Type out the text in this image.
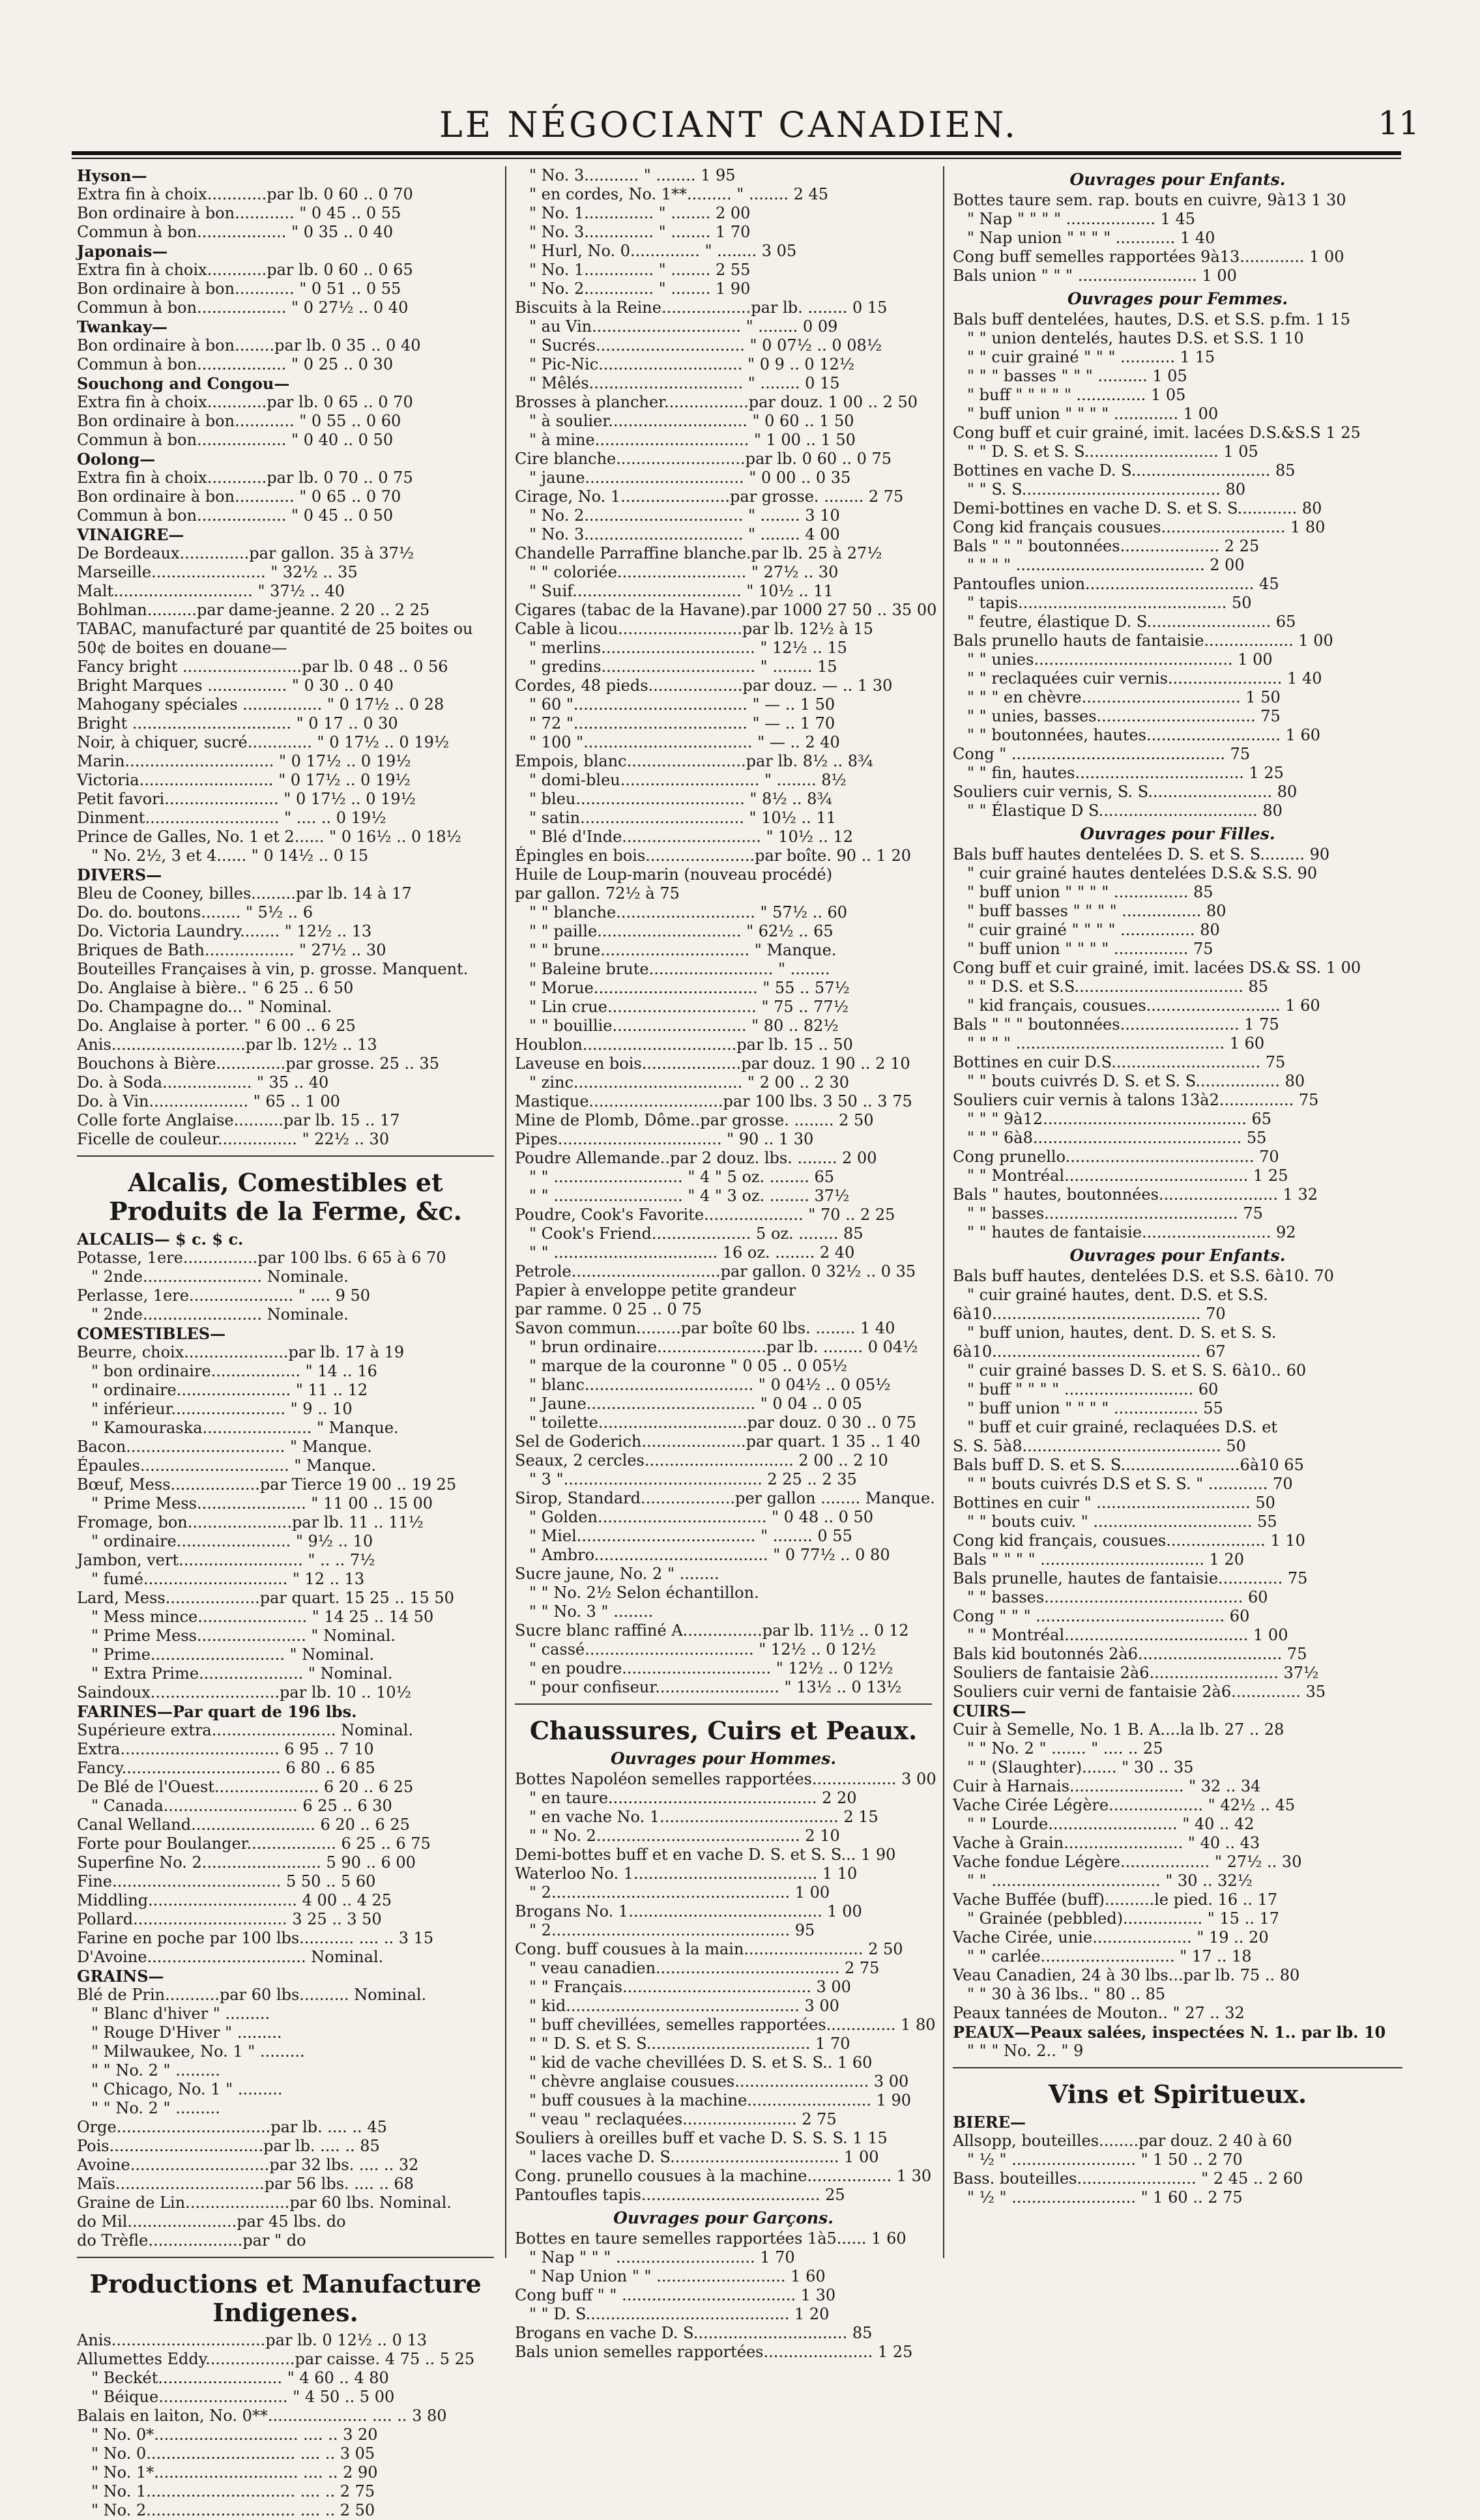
LE NÉGOCIANT CANADIEN.	11
Hyson—
Extra fin à choix............par lb. 0 60 .. 0 70
Bon ordinaire à bon............ " 0 45 .. 0 55
Commun à bon.................. " 0 35 .. 0 40
Japonais—
Extra fin à choix............par lb. 0 60 .. 0 65
Bon ordinaire à bon............ " 0 51 .. 0 55
Commun à bon.................. " 0 27½ .. 0 40
Twankay—
Bon ordinaire à bon........par lb. 0 35 .. 0 40
Commun à bon.................. " 0 25 .. 0 30
Souchong and Congou—
Extra fin à choix............par lb. 0 65 .. 0 70
Bon ordinaire à bon............ " 0 55 .. 0 60
Commun à bon.................. " 0 40 .. 0 50
Oolong—
Extra fin à choix............par lb. 0 70 .. 0 75
Bon ordinaire à bon............ " 0 65 .. 0 70
Commun à bon.................. " 0 45 .. 0 50
VINAIGRE—
De Bordeaux..............par gallon. 35 à 37½
Marseille....................... " 32½ .. 35
Malt............................ " 37½ .. 40
Bohlman..........par dame-jeanne. 2 20 .. 2 25
TABAC, manufacturé par quantité de 25 boites ou
50¢ de boites en douane—
Fancy bright ........................par lb. 0 48 .. 0 56
Bright Marques ................ " 0 30 .. 0 40
Mahogany spéciales ................ " 0 17½ .. 0 28
Bright ................................ " 0 17 .. 0 30
Noir, à chiquer, sucré............. " 0 17½ .. 0 19½
Marin.............................. " 0 17½ .. 0 19½
Victoria........................... " 0 17½ .. 0 19½
Petit favori....................... " 0 17½ .. 0 19½
Dinment........................... " .... .. 0 19½
Prince de Galles, No. 1 et 2...... " 0 16½ .. 0 18½
" No. 2½, 3 et 4...... " 0 14½ .. 0 15
DIVERS—
Bleu de Cooney, billes.........par lb. 14 à 17
Do. do. boutons........ " 5½ .. 6
Do. Victoria Laundry........ " 12½ .. 13
Briques de Bath.................. " 27½ .. 30
Bouteilles Françaises à vin, p. grosse. Manquent.
Do. Anglaise à bière.. " 6 25 .. 6 50
Do. Champagne do... " Nominal.
Do. Anglaise à porter. " 6 00 .. 6 25
Anis...........................par lb. 12½ .. 13
Bouchons à Bière..............par grosse. 25 .. 35
Do. à Soda.................. " 35 .. 40
Do. à Vin.................... " 65 .. 1 00
Colle forte Anglaise..........par lb. 15 .. 17
Ficelle de couleur................ " 22½ .. 30
Alcalis, Comestibles et Produits de la Ferme, &c.
ALCALIS— $ c. $ c.
Potasse, 1ere...............par 100 lbs. 6 65 à 6 70
" 2nde........................ Nominale.
Perlasse, 1ere..................... " .... 9 50
" 2nde........................ Nominale.
COMESTIBLES—
Beurre, choix.....................par lb. 17 à 19
" bon ordinaire.................. " 14 .. 16
" ordinaire....................... " 11 .. 12
" inférieur....................... " 9 .. 10
" Kamouraska...................... " Manque.
Bacon................................ " Manque.
Épaules.............................. " Manque.
Bœuf, Mess..................par Tierce 19 00 .. 19 25
" Prime Mess...................... " 11 00 .. 15 00
Fromage, bon.....................par lb. 11 .. 11½
" ordinaire....................... " 9½ .. 10
Jambon, vert......................... " .. .. 7½
" fumé............................. " 12 .. 13
Lard, Mess...................par quart. 15 25 .. 15 50
" Mess mince...................... " 14 25 .. 14 50
" Prime Mess...................... " Nominal.
" Prime........................... " Nominal.
" Extra Prime..................... " Nominal.
Saindoux..........................par lb. 10 .. 10½
FARINES—Par quart de 196 lbs.
Supérieure extra......................... Nominal.
Extra................................ 6 95 .. 7 10
Fancy................................ 6 80 .. 6 85
De Blé de l'Ouest..................... 6 20 .. 6 25
" Canada........................... 6 25 .. 6 30
Canal Welland......................... 6 20 .. 6 25
Forte pour Boulanger.................. 6 25 .. 6 75
Superfine No. 2........................ 5 90 .. 6 00
Fine.................................. 5 50 .. 5 60
Middling.............................. 4 00 .. 4 25
Pollard............................... 3 25 .. 3 50
Farine en poche par 100 lbs........... .... .. 3 15
D'Avoine................................ Nominal.
GRAINS—
Blé de Prin...........par 60 lbs.......... Nominal.
" Blanc d'hiver " .........
" Rouge D'Hiver " .........
" Milwaukee, No. 1 " .........
" " No. 2 " .........
" Chicago, No. 1 " .........
" " No. 2 " .........
Orge...............................par lb. .... .. 45
Pois...............................par lb. .... .. 85
Avoine............................par 32 lbs. .... .. 32
Maïs..............................par 56 lbs. .... .. 68
Graine de Lin.....................par 60 lbs. Nominal.
do Mil......................par 45 lbs. do
do Trèfle...................par " do
Productions et Manufacture Indigenes.
Anis...............................par lb. 0 12½ .. 0 13
Allumettes Eddy..................par caisse. 4 75 .. 5 25
" Beckét......................... " 4 60 .. 4 80
" Béique.......................... " 4 50 .. 5 00
Balais en laiton, No. 0**.................... .... .. 3 80
" No. 0*............................. .... .. 3 20
" No. 0.............................. .... .. 3 05
" No. 1*............................. .... .. 2 90
" No. 1.............................. .... .. 2 75
" No. 2.............................. .... .. 2 50
" No. 3........... " ........ 1 95
" en cordes, No. 1**......... " ........ 2 45
" No. 1.............. " ........ 2 00
" No. 3.............. " ........ 1 70
" Hurl, No. 0.............. " ........ 3 05
" No. 1.............. " ........ 2 55
" No. 2.............. " ........ 1 90
Biscuits à la Reine..................par lb. ........ 0 15
" au Vin.............................. " ........ 0 09
" Sucrés.............................. " 0 07½ .. 0 08½
" Pic-Nic............................. " 0 9 .. 0 12½
" Mêlés............................... " ........ 0 15
Brosses à plancher.................par douz. 1 00 .. 2 50
" à soulier............................ " 0 60 .. 1 50
" à mine............................... " 1 00 .. 1 50
Cire blanche..........................par lb. 0 60 .. 0 75
" jaune................................ " 0 00 .. 0 35
Cirage, No. 1......................par grosse. ........ 2 75
" No. 2................................ " ........ 3 10
" No. 3................................ " ........ 4 00
Chandelle Parraffine blanche.par lb. 25 à 27½
" " coloriée.......................... " 27½ .. 30
" Suif.................................. " 10½ .. 11
Cigares (tabac de la Havane).par 1000 27 50 .. 35 00
Cable à licou.........................par lb. 12½ à 15
" merlins............................... " 12½ .. 15
" gredins............................... " ........ 15
Cordes, 48 pieds...................par douz. — .. 1 30
" 60 "................................... " — .. 1 50
" 72 "................................... " — .. 1 70
" 100 ".................................. " — .. 2 40
Empois, blanc........................par lb. 8½ .. 8¾
" domi-bleu............................ " ........ 8½
" bleu.................................. " 8½ .. 8¾
" satin................................. " 10½ .. 11
" Blé d'Inde............................ " 10½ .. 12
Épingles en bois......................par boîte. 90 .. 1 20
Huile de Loup-marin (nouveau procédé)
par gallon. 72½ à 75
" " blanche............................ " 57½ .. 60
" " paille............................. " 62½ .. 65
" " brune.............................. " Manque.
" Baleine brute......................... " ........
" Morue................................. " 55 .. 57½
" Lin crue.............................. " 75 .. 77½
" " bouillie........................... " 80 .. 82½
Houblon...............................par lb. 15 .. 50
Laveuse en bois....................par douz. 1 90 .. 2 10
" zinc.................................. " 2 00 .. 2 30
Mastique...........................par 100 lbs. 3 50 .. 3 75
Mine de Plomb, Dôme..par grosse. ........ 2 50
Pipes................................. " 90 .. 1 30
Poudre Allemande..par 2 douz. lbs. ........ 2 00
" " .......................... " 4 " 5 oz. ........ 65
" " .......................... " 4 " 3 oz. ........ 37½
Poudre, Cook's Favorite.................... " 70 .. 2 25
" Cook's Friend.................... 5 oz. ........ 85
" " ................................. 16 oz. ........ 2 40
Petrole..............................par gallon. 0 32½ .. 0 35
Papier à enveloppe petite grandeur
par ramme. 0 25 .. 0 75
Savon commun.........par boîte 60 lbs. ........ 1 40
" brun ordinaire......................par lb. ........ 0 04½
" marque de la couronne " 0 05 .. 0 05½
" blanc.................................. " 0 04½ .. 0 05½
" Jaune.................................. " 0 04 .. 0 05
" toilette..............................par douz. 0 30 .. 0 75
Sel de Goderich.....................par quart. 1 35 .. 1 40
Seaux, 2 cercles.............................. 2 00 .. 2 10
" 3 "........................................ 2 25 .. 2 35
Sirop, Standard...................per gallon ........ Manque.
" Golden.................................. " 0 48 .. 0 50
" Miel.................................... " ........ 0 55
" Ambro................................... " 0 77½ .. 0 80
Sucre jaune, No. 2 " ........
" " No. 2½ Selon échantillon.
" " No. 3 " ........
Sucre blanc raffiné A................par lb. 11½ .. 0 12
" cassé.................................. " 12½ .. 0 12½
" en poudre.............................. " 12½ .. 0 12½
" pour confiseur......................... " 13½ .. 0 13½
Chaussures, Cuirs et Peaux.
Ouvrages pour Hommes.
Bottes Napoléon semelles rapportées................. 3 00
" en taure.......................................... 2 20
" en vache No. 1.................................... 2 15
" " No. 2......................................... 2 10
Demi-bottes buff et en vache D. S. et S. S... 1 90
Waterloo No. 1..................................... 1 10
" 2................................................ 1 00
Brogans No. 1....................................... 1 00
" 2................................................ 95
Cong. buff cousues à la main........................ 2 50
" veau canadien..................................... 2 75
" " Français...................................... 3 00
" kid............................................... 3 00
" buff chevillées, semelles rapportées.............. 1 80
" " D. S. et S. S................................. 1 70
" kid de vache chevillées D. S. et S. S.. 1 60
" chèvre anglaise cousues........................... 3 00
" buff cousues à la machine......................... 1 90
" veau " reclaquées....................... 2 75
Souliers à oreilles buff et vache D. S. S. S. 1 15
" laces vache D. S.................................. 1 00
Cong. prunello cousues à la machine................. 1 30
Pantoufles tapis.................................... 25
Ouvrages pour Garçons.
Bottes en taure semelles rapportées 1à5...... 1 60
" Nap " " " ............................ 1 70
" Nap Union " " .......................... 1 60
Cong buff " " ................................... 1 30
" " D. S......................................... 1 20
Brogans en vache D. S............................... 85
Bals union semelles rapportées...................... 1 25
Ouvrages pour Enfants.
Bottes taure sem. rap. bouts en cuivre, 9à13 1 30
" Nap " " " " .................. 1 45
" Nap union " " " " ............ 1 40
Cong buff semelles rapportées 9à13............. 1 00
Bals union " " " ........................ 1 00
Ouvrages pour Femmes.
Bals buff dentelées, hautes, D.S. et S.S. p.fm. 1 15
" " union dentelés, hautes D.S. et S.S. 1 10
" " cuir grainé " " " ........... 1 15
" " " basses " " " .......... 1 05
" buff " " " " " .............. 1 05
" buff union " " " " ............. 1 00
Cong buff et cuir grainé, imit. lacées D.S.&S.S 1 25
" " D. S. et S. S........................... 1 05
Bottines en vache D. S............................ 85
" " S. S........................................ 80
Demi-bottines en vache D. S. et S. S............ 80
Cong kid français cousues......................... 1 80
Bals " " " boutonnées.................... 2 25
" " " " ...................................... 2 00
Pantoufles union.................................. 45
" tapis.......................................... 50
" feutre, élastique D. S......................... 65
Bals prunello hauts de fantaisie.................. 1 00
" " unies........................................ 1 00
" " reclaquées cuir vernis....................... 1 40
" " " en chèvre................................ 1 50
" " unies, basses................................ 75
" " boutonnées, hautes........................... 1 60
Cong " ........................................... 75
" " fin, hautes.................................. 1 25
Souliers cuir vernis, S. S......................... 80
" " Élastique D S................................ 80
Ouvrages pour Filles.
Bals buff hautes dentelées D. S. et S. S......... 90
" cuir grainé hautes dentelées D.S.& S.S. 90
" buff union " " " " ............... 85
" buff basses " " " " ................ 80
" cuir grainé " " " " ............... 80
" buff union " " " " ............... 75
Cong buff et cuir grainé, imit. lacées DS.& SS. 1 00
" " D.S. et S.S.................................. 85
" kid français, cousues........................... 1 60
Bals " " " boutonnées........................ 1 75
" " " " .......................................... 1 60
Bottines en cuir D.S.............................. 75
" " bouts cuivrés D. S. et S. S................. 80
Souliers cuir vernis à talons 13à2............... 75
" " " 9à12......................................... 65
" " " 6à8.......................................... 55
Cong prunello...................................... 70
" " Montréal..................................... 1 25
Bals " hautes, boutonnées........................ 1 32
" " basses....................................... 75
" " hautes de fantaisie.......................... 92
Ouvrages pour Enfants.
Bals buff hautes, dentelées D.S. et S.S. 6à10. 70
" cuir grainé hautes, dent. D.S. et S.S.
6à10.......................................... 70
" buff union, hautes, dent. D. S. et S. S.
6à10.......................................... 67
" cuir grainé basses D. S. et S. S. 6à10.. 60
" buff " " " " .......................... 60
" buff union " " " " ................. 55
" buff et cuir grainé, reclaquées D.S. et
S. S. 5à8........................................ 50
Bals buff D. S. et S. S........................6à10 65
" " bouts cuivrés D.S et S. S. " ............ 70
Bottines en cuir " ............................... 50
" " bouts cuiv. " ................................ 55
Cong kid français, cousues.................... 1 10
Bals " " " " ................................. 1 20
Bals prunelle, hautes de fantaisie............. 75
" " basses........................................ 60
Cong " " " ...................................... 60
" " Montréal..................................... 1 00
Bals kid boutonnés 2à6............................. 75
Souliers de fantaisie 2à6.......................... 37½
Souliers cuir verni de fantaisie 2à6.............. 35
CUIRS—
Cuir à Semelle, No. 1 B. A....la lb. 27 .. 28
" " No. 2 " ....... " .... .. 25
" " (Slaughter)....... " 30 .. 35
Cuir à Harnais....................... " 32 .. 34
Vache Cirée Légère................... " 42½ .. 45
" " Lourde.......................... " 40 .. 42
Vache à Grain........................ " 40 .. 43
Vache fondue Légère.................. " 27½ .. 30
" " .................................. " 30 .. 32½
Vache Buffée (buff)..........le pied. 16 .. 17
" Grainée (pebbled)................ " 15 .. 17
Vache Cirée, unie.................... " 19 .. 20
" " carlée........................... " 17 .. 18
Veau Canadien, 24 à 30 lbs...par lb. 75 .. 80
" " 30 à 36 lbs.. " 80 .. 85
Peaux tannées de Mouton.. " 27 .. 32
PEAUX—Peaux salées, inspectées N. 1.. par lb. 10
" " " No. 2.. " 9
Vins et Spiritueux.
BIERE—
Allsopp, bouteilles........par douz. 2 40 à 60
" ½ " ......................... " 1 50 .. 2 70
Bass. bouteilles........................ " 2 45 .. 2 60
" ½ " ......................... " 1 60 .. 2 75
